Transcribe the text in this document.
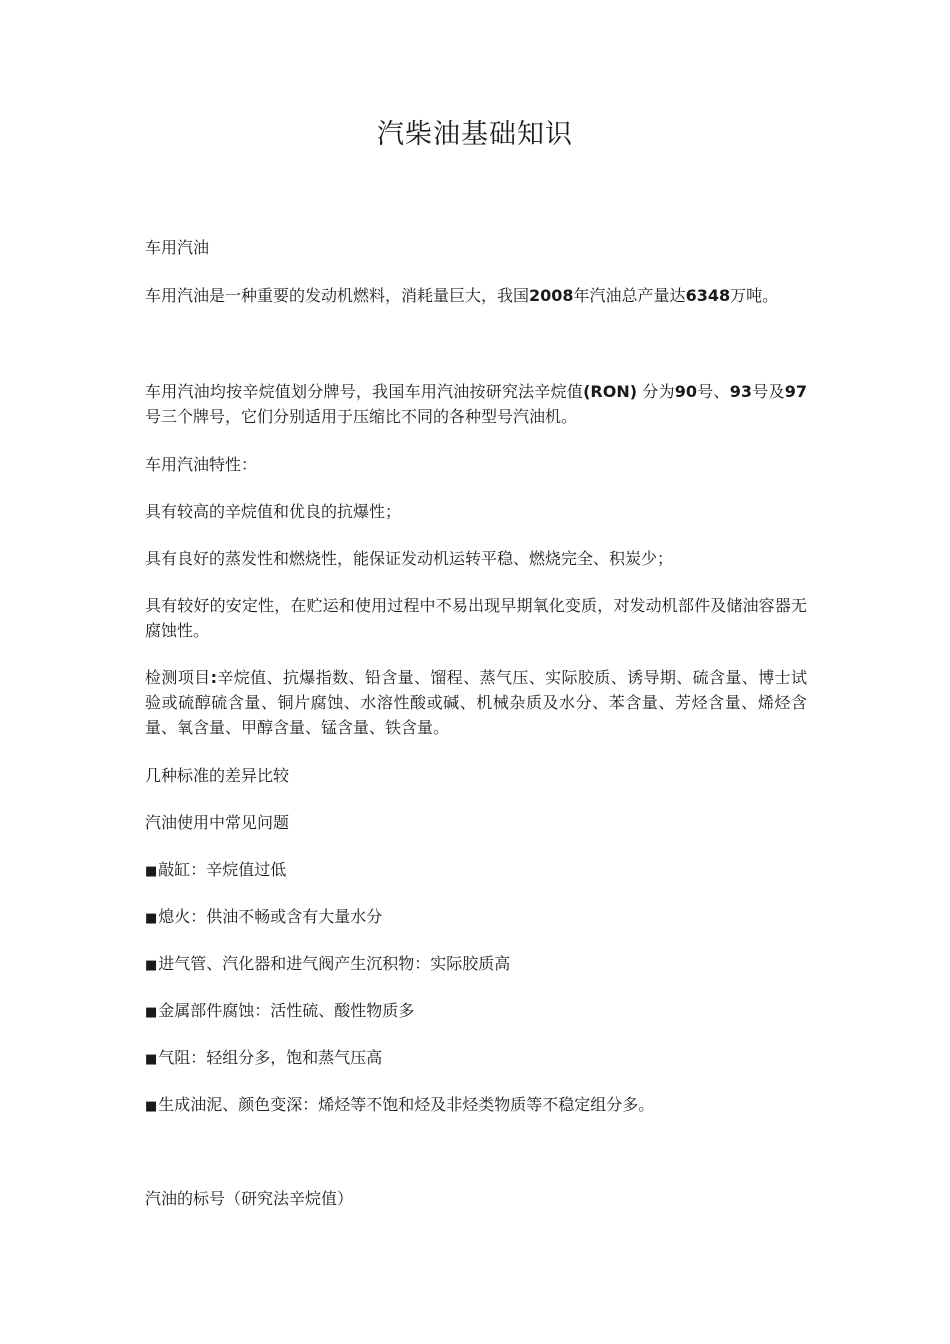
汽柴油基础知识

车用汽油

车用汽油是一种重要的发动机燃料，消耗量巨大，我国2008年汽油总产量达6348万吨。

车用汽油均按辛烷值划分牌号，我国车用汽油按研究法辛烷值(RON) 分为90号、93号及97号三个牌号，它们分别适用于压缩比不同的各种型号汽油机。

车用汽油特性：

具有较高的辛烷值和优良的抗爆性；

具有良好的蒸发性和燃烧性，能保证发动机运转平稳、燃烧完全、积炭少；

具有较好的安定性，在贮运和使用过程中不易出现早期氧化变质，对发动机部件及储油容器无腐蚀性。

检测项目:辛烷值、抗爆指数、铅含量、馏程、蒸气压、实际胶质、诱导期、硫含量、博士试验或硫醇硫含量、铜片腐蚀、水溶性酸或碱、机械杂质及水分、苯含量、芳烃含量、烯烃含量、氧含量、甲醇含量、锰含量、铁含量。

几种标准的差异比较

汽油使用中常见问题

■敲缸：辛烷值过低

■熄火：供油不畅或含有大量水分

■进气管、汽化器和进气阀产生沉积物：实际胶质高

■金属部件腐蚀：活性硫、酸性物质多

■气阻：轻组分多，饱和蒸气压高

■生成油泥、颜色变深：烯烃等不饱和烃及非烃类物质等不稳定组分多。

汽油的标号（研究法辛烷值）
